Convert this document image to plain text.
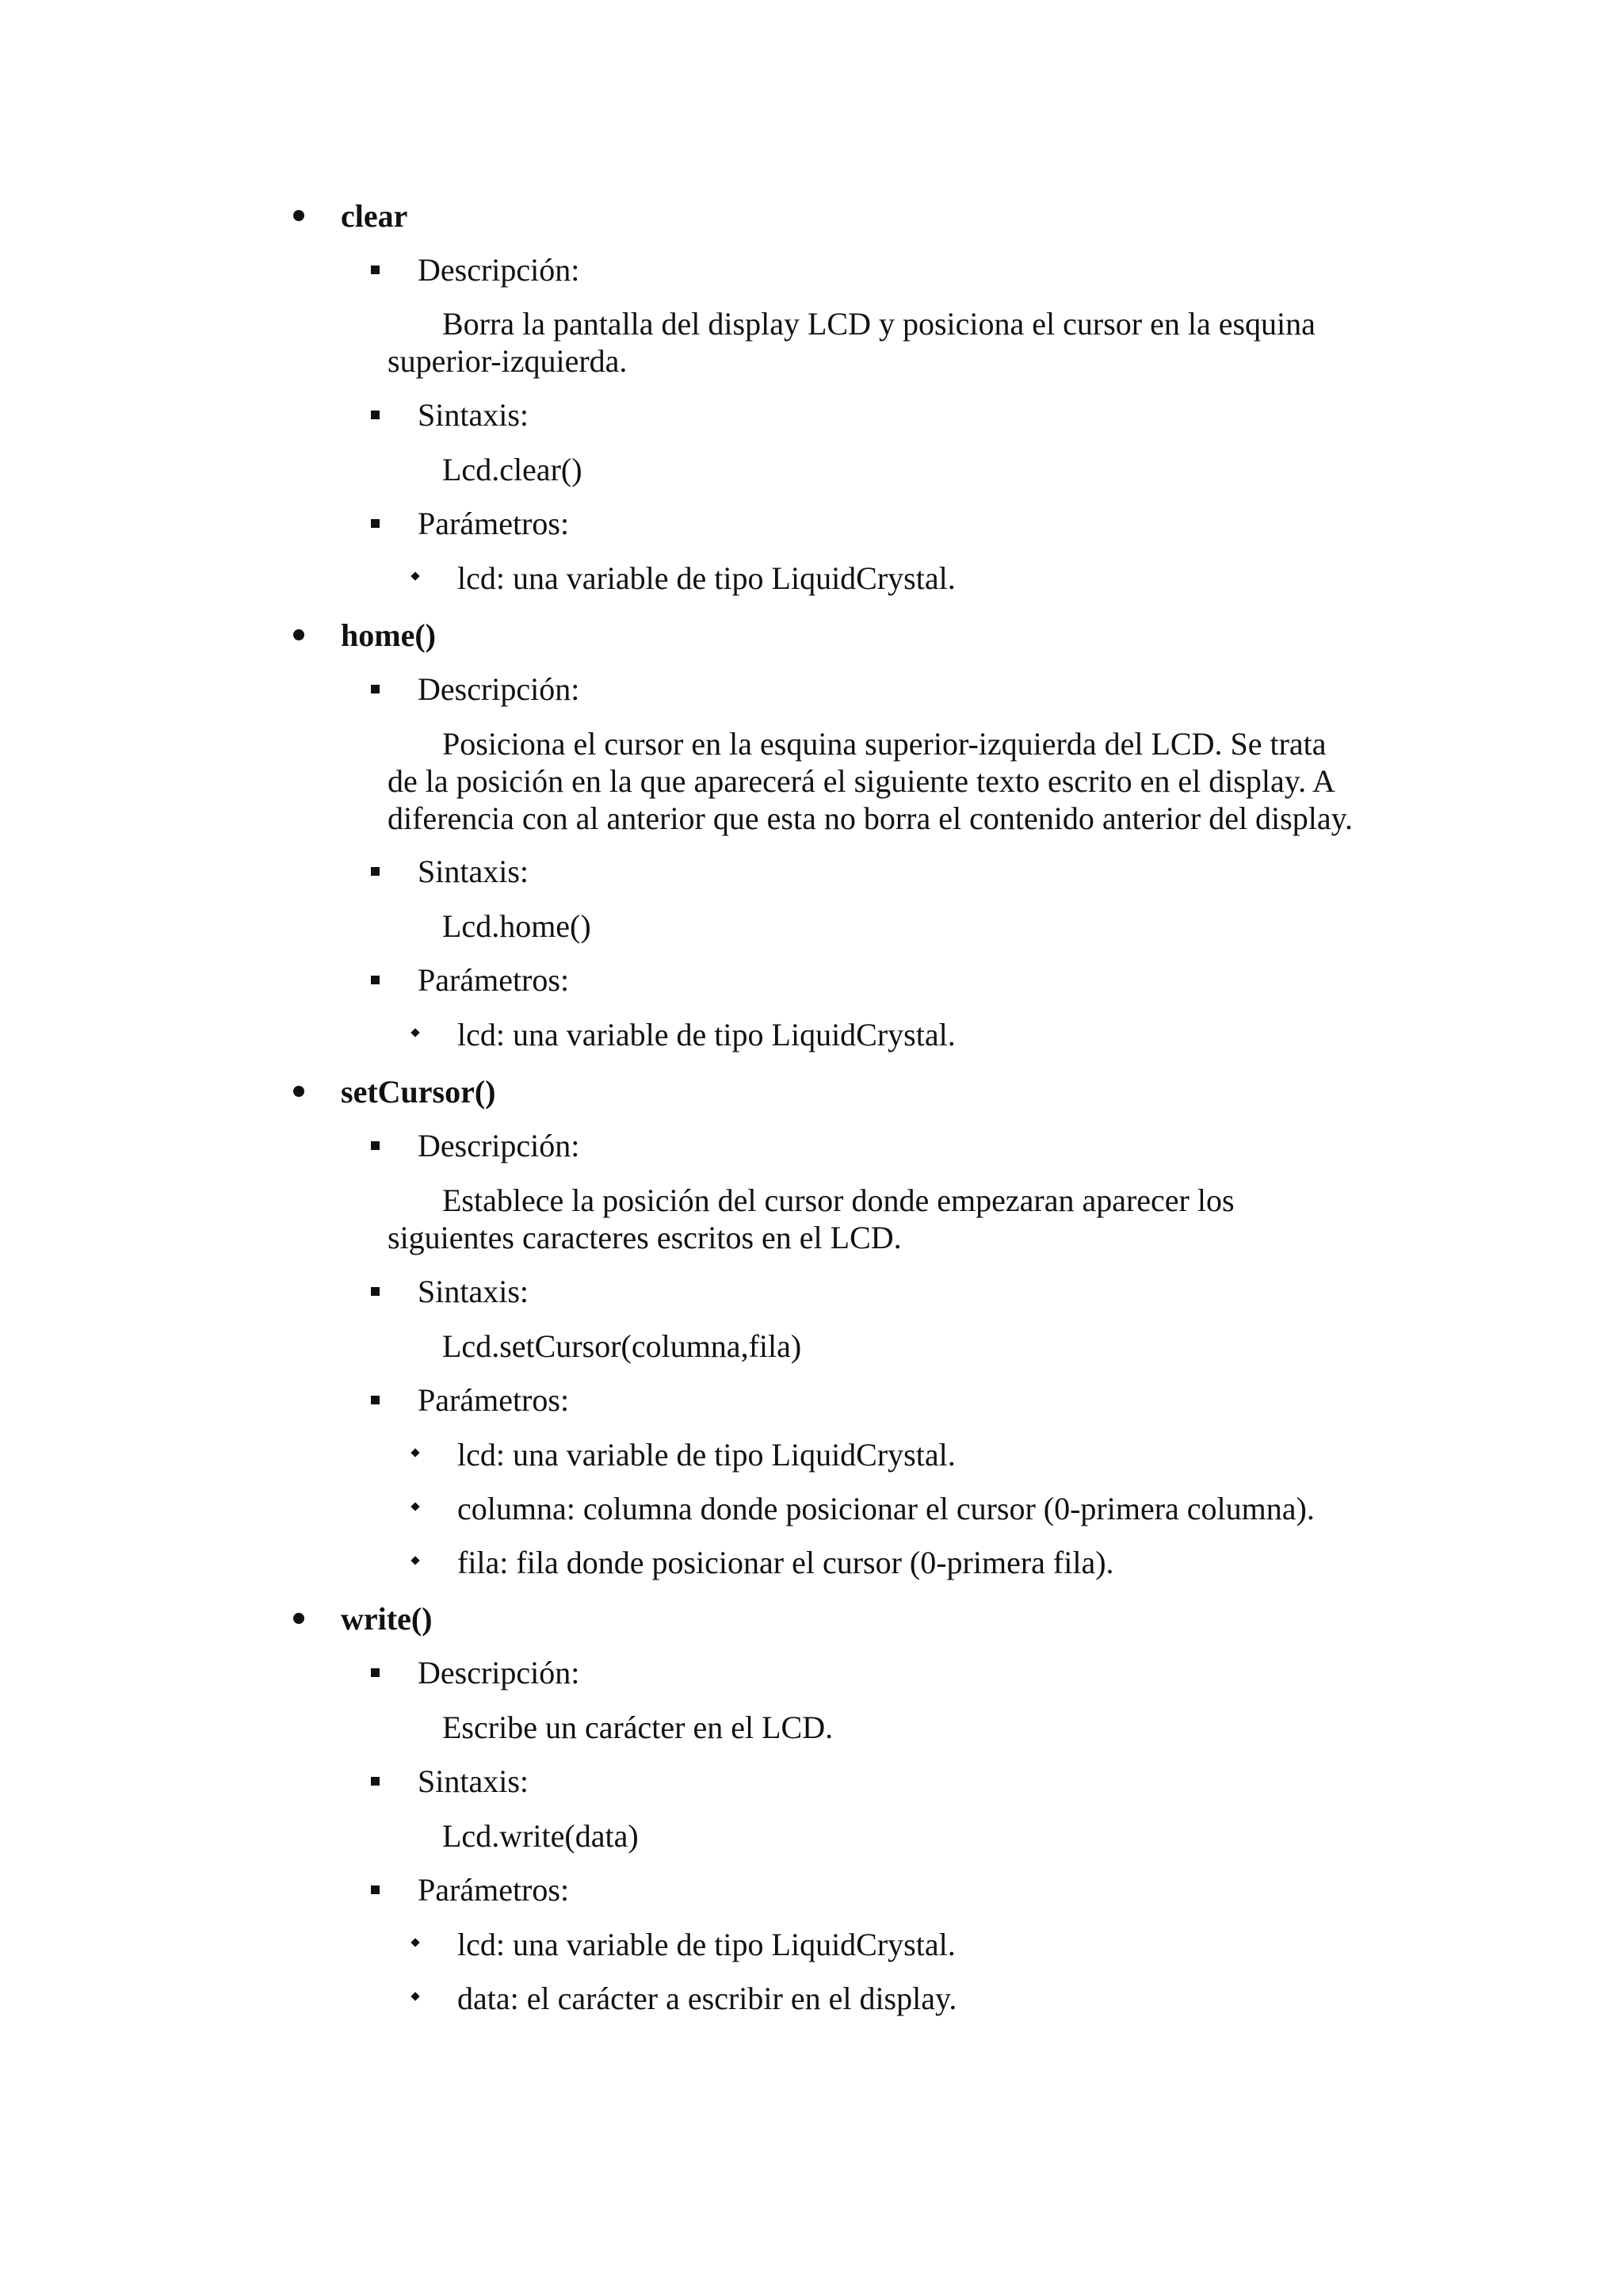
clear
Descripción:
Borra la pantalla del display LCD y posiciona el cursor en la esquina
superior-izquierda.
Sintaxis:
Lcd.clear()
Parámetros:
lcd: una variable de tipo LiquidCrystal.
home()
Descripción:
Posiciona el cursor en la esquina superior-izquierda del LCD. Se trata
de la posición en la que aparecerá el siguiente texto escrito en el display. A
diferencia con al anterior que esta no borra el contenido anterior del display.
Sintaxis:
Lcd.home()
Parámetros:
lcd: una variable de tipo LiquidCrystal.
setCursor()
Descripción:
Establece la posición del cursor donde empezaran aparecer los
siguientes caracteres escritos en el LCD.
Sintaxis:
Lcd.setCursor(columna,fila)
Parámetros:
lcd: una variable de tipo LiquidCrystal.
columna: columna donde posicionar el cursor (0-primera columna).
fila: fila donde posicionar el cursor (0-primera fila).
write()
Descripción:
Escribe un carácter en el LCD.
Sintaxis:
Lcd.write(data)
Parámetros:
lcd: una variable de tipo LiquidCrystal.
data: el carácter a escribir en el display.
